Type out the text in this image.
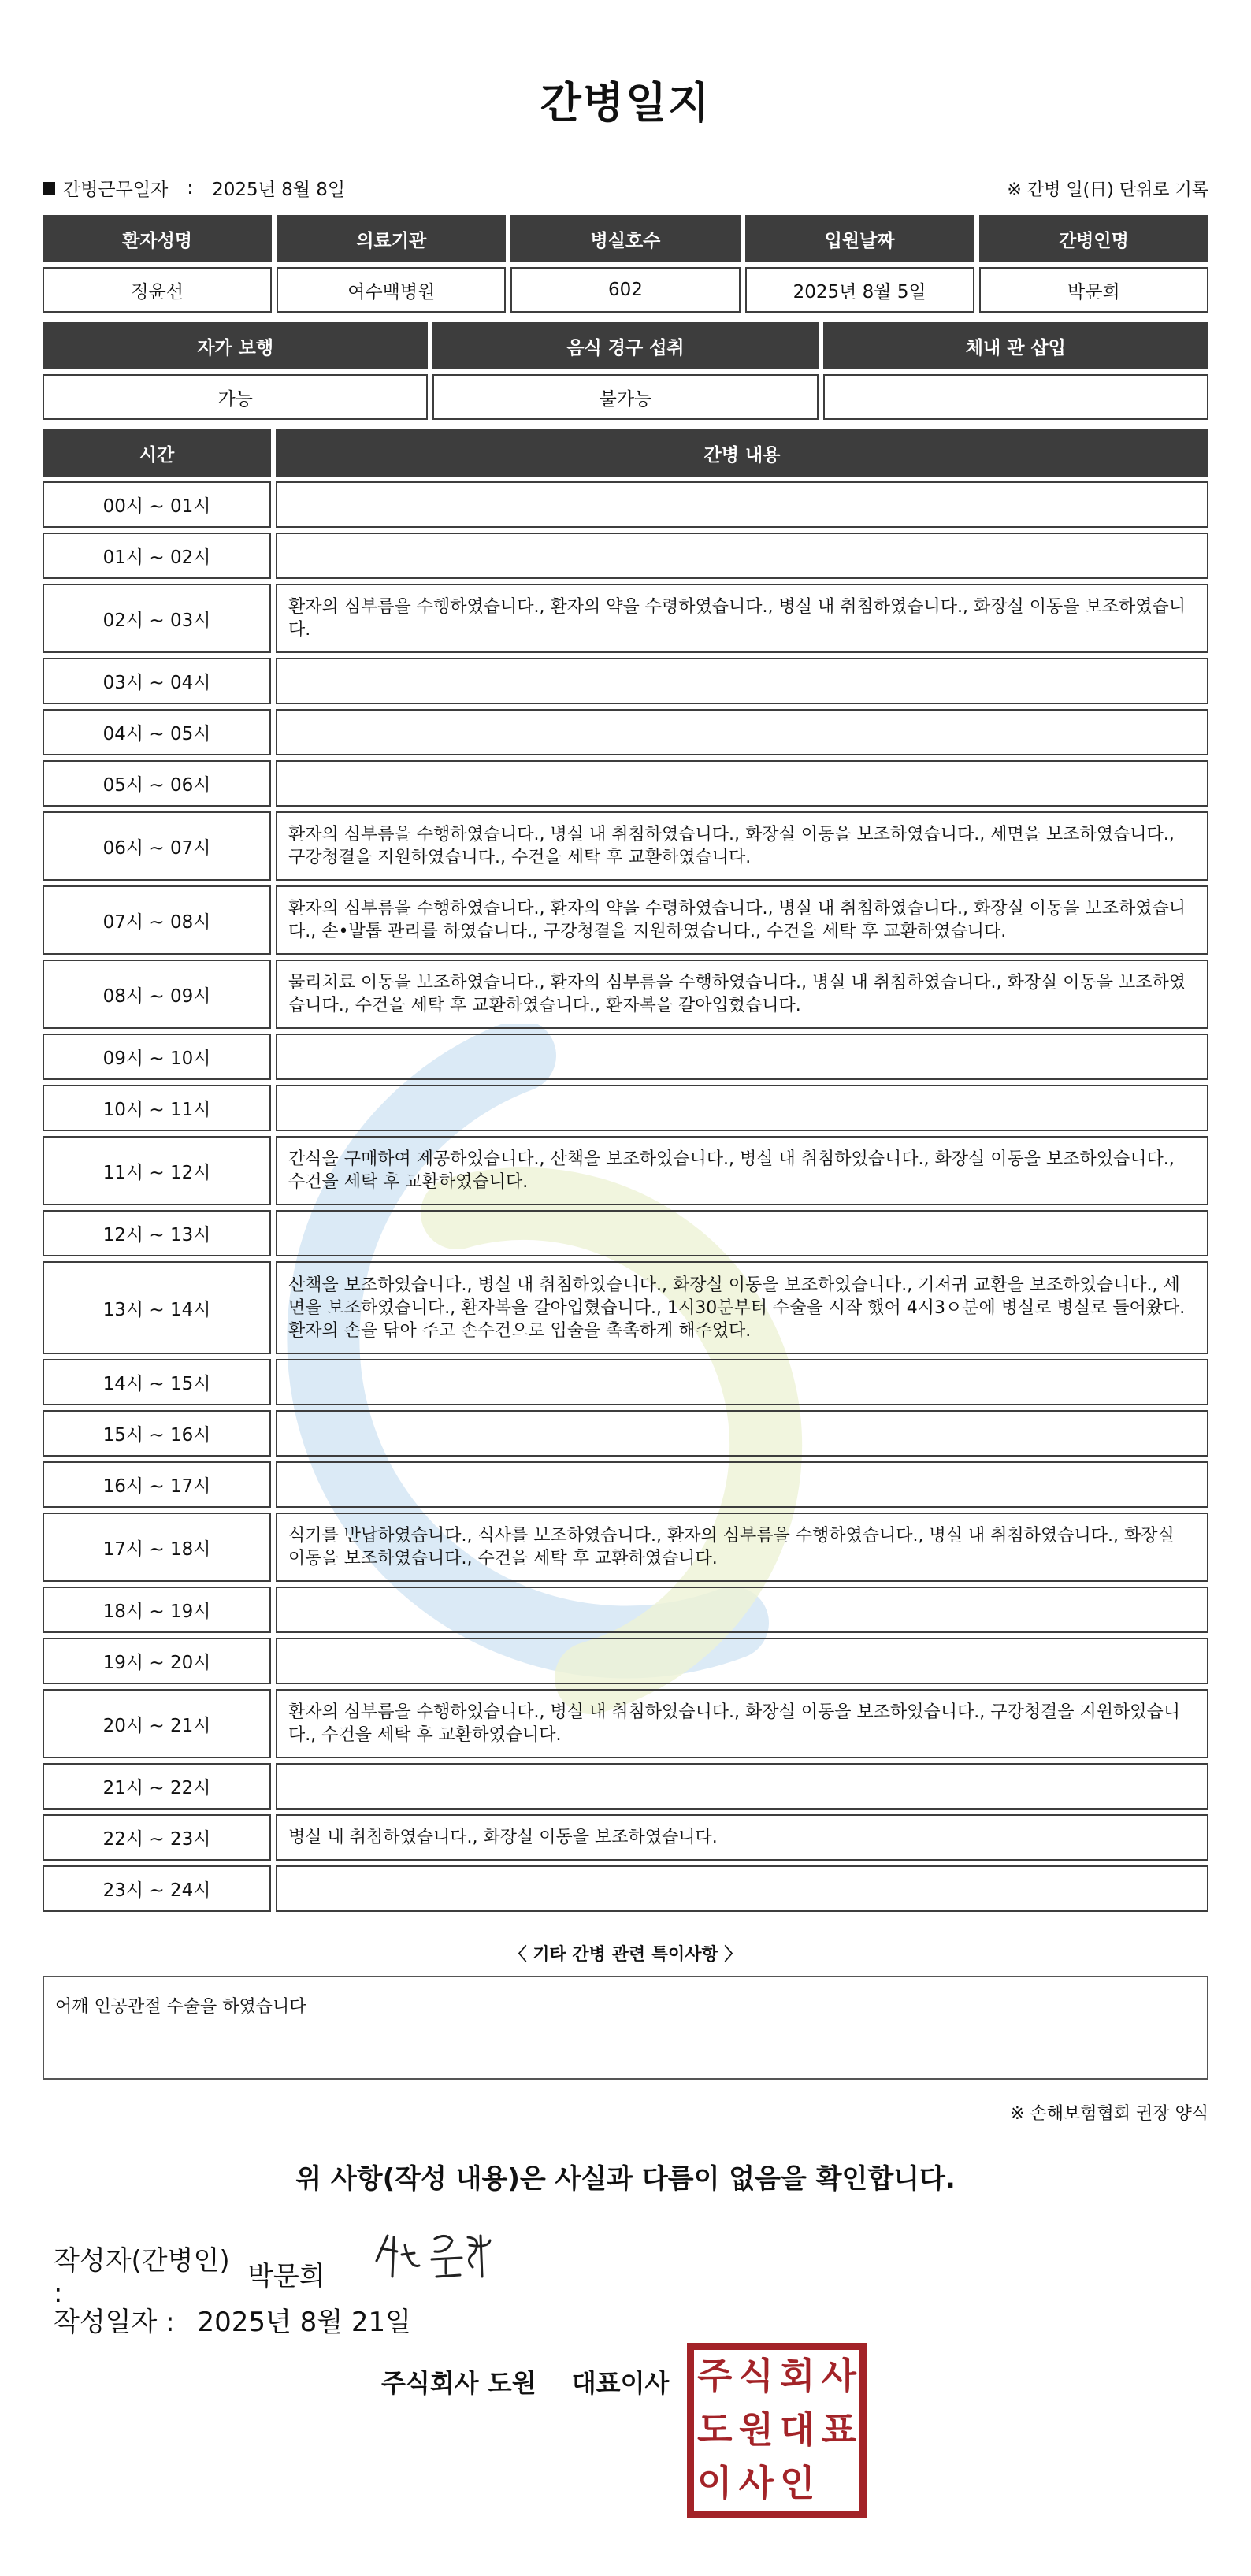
간병일지
간병근무일자 : 2025년 8월 8일	※ 간병 일(日) 단위로 기록
환자성명	의료기관	병실호수	입원날짜	간병인명
정윤선	여수백병원	602	2025년 8월 5일	박문희
자가 보행	음식 경구 섭취	체내 관 삽입
가능	불가능	
시간	간병 내용
00시 ~ 01시	
01시 ~ 02시	
02시 ~ 03시	환자의 심부름을 수행하였습니다., 환자의 약을 수령하였습니다., 병실 내 취침하였습니다., 화장실 이동을 보조하였습니다.
03시 ~ 04시	
04시 ~ 05시	
05시 ~ 06시	
06시 ~ 07시	환자의 심부름을 수행하였습니다., 병실 내 취침하였습니다., 화장실 이동을 보조하였습니다., 세면을 보조하였습니다., 구강청결을 지원하였습니다., 수건을 세탁 후 교환하였습니다.
07시 ~ 08시	환자의 심부름을 수행하였습니다., 환자의 약을 수령하였습니다., 병실 내 취침하였습니다., 화장실 이동을 보조하였습니다., 손•발톱 관리를 하였습니다., 구강청결을 지원하였습니다., 수건을 세탁 후 교환하였습니다.
08시 ~ 09시	물리치료 이동을 보조하였습니다., 환자의 심부름을 수행하였습니다., 병실 내 취침하였습니다., 화장실 이동을 보조하였습니다., 수건을 세탁 후 교환하였습니다., 환자복을 갈아입혔습니다.
09시 ~ 10시	
10시 ~ 11시	
11시 ~ 12시	간식을 구매하여 제공하였습니다., 산책을 보조하였습니다., 병실 내 취침하였습니다., 화장실 이동을 보조하였습니다., 수건을 세탁 후 교환하였습니다.
12시 ~ 13시	
13시 ~ 14시	산책을 보조하였습니다., 병실 내 취침하였습니다., 화장실 이동을 보조하였습니다., 기저귀 교환을 보조하였습니다., 세면을 보조하였습니다., 환자복을 갈아입혔습니다., 1시30분부터 수술을 시작 했어 4시3ㅇ분에 병실로 병실로 들어왔다. 환자의 손을 닦아 주고 손수건으로 입술을 촉촉하게 해주었다.
14시 ~ 15시	
15시 ~ 16시	
16시 ~ 17시	
17시 ~ 18시	식기를 반납하였습니다., 식사를 보조하였습니다., 환자의 심부름을 수행하였습니다., 병실 내 취침하였습니다., 화장실 이동을 보조하였습니다., 수건을 세탁 후 교환하였습니다.
18시 ~ 19시	
19시 ~ 20시	
20시 ~ 21시	환자의 심부름을 수행하였습니다., 병실 내 취침하였습니다., 화장실 이동을 보조하였습니다., 구강청결을 지원하였습니다., 수건을 세탁 후 교환하였습니다.
21시 ~ 22시	
22시 ~ 23시	병실 내 취침하였습니다., 화장실 이동을 보조하였습니다.
23시 ~ 24시	
〈 기타 간병 관련 특이사항 〉
어깨 인공관절 수술을 하였습니다
※ 손해보험협회 권장 양식
위 사항(작성 내용)은 사실과 다름이 없음을 확인합니다.
작성자(간병인) :
박문희
작성일자 : 2025년 8월 21일
주식회사 도원 대표이사 주 식 회 사
도 원 대 표
이 사 인
